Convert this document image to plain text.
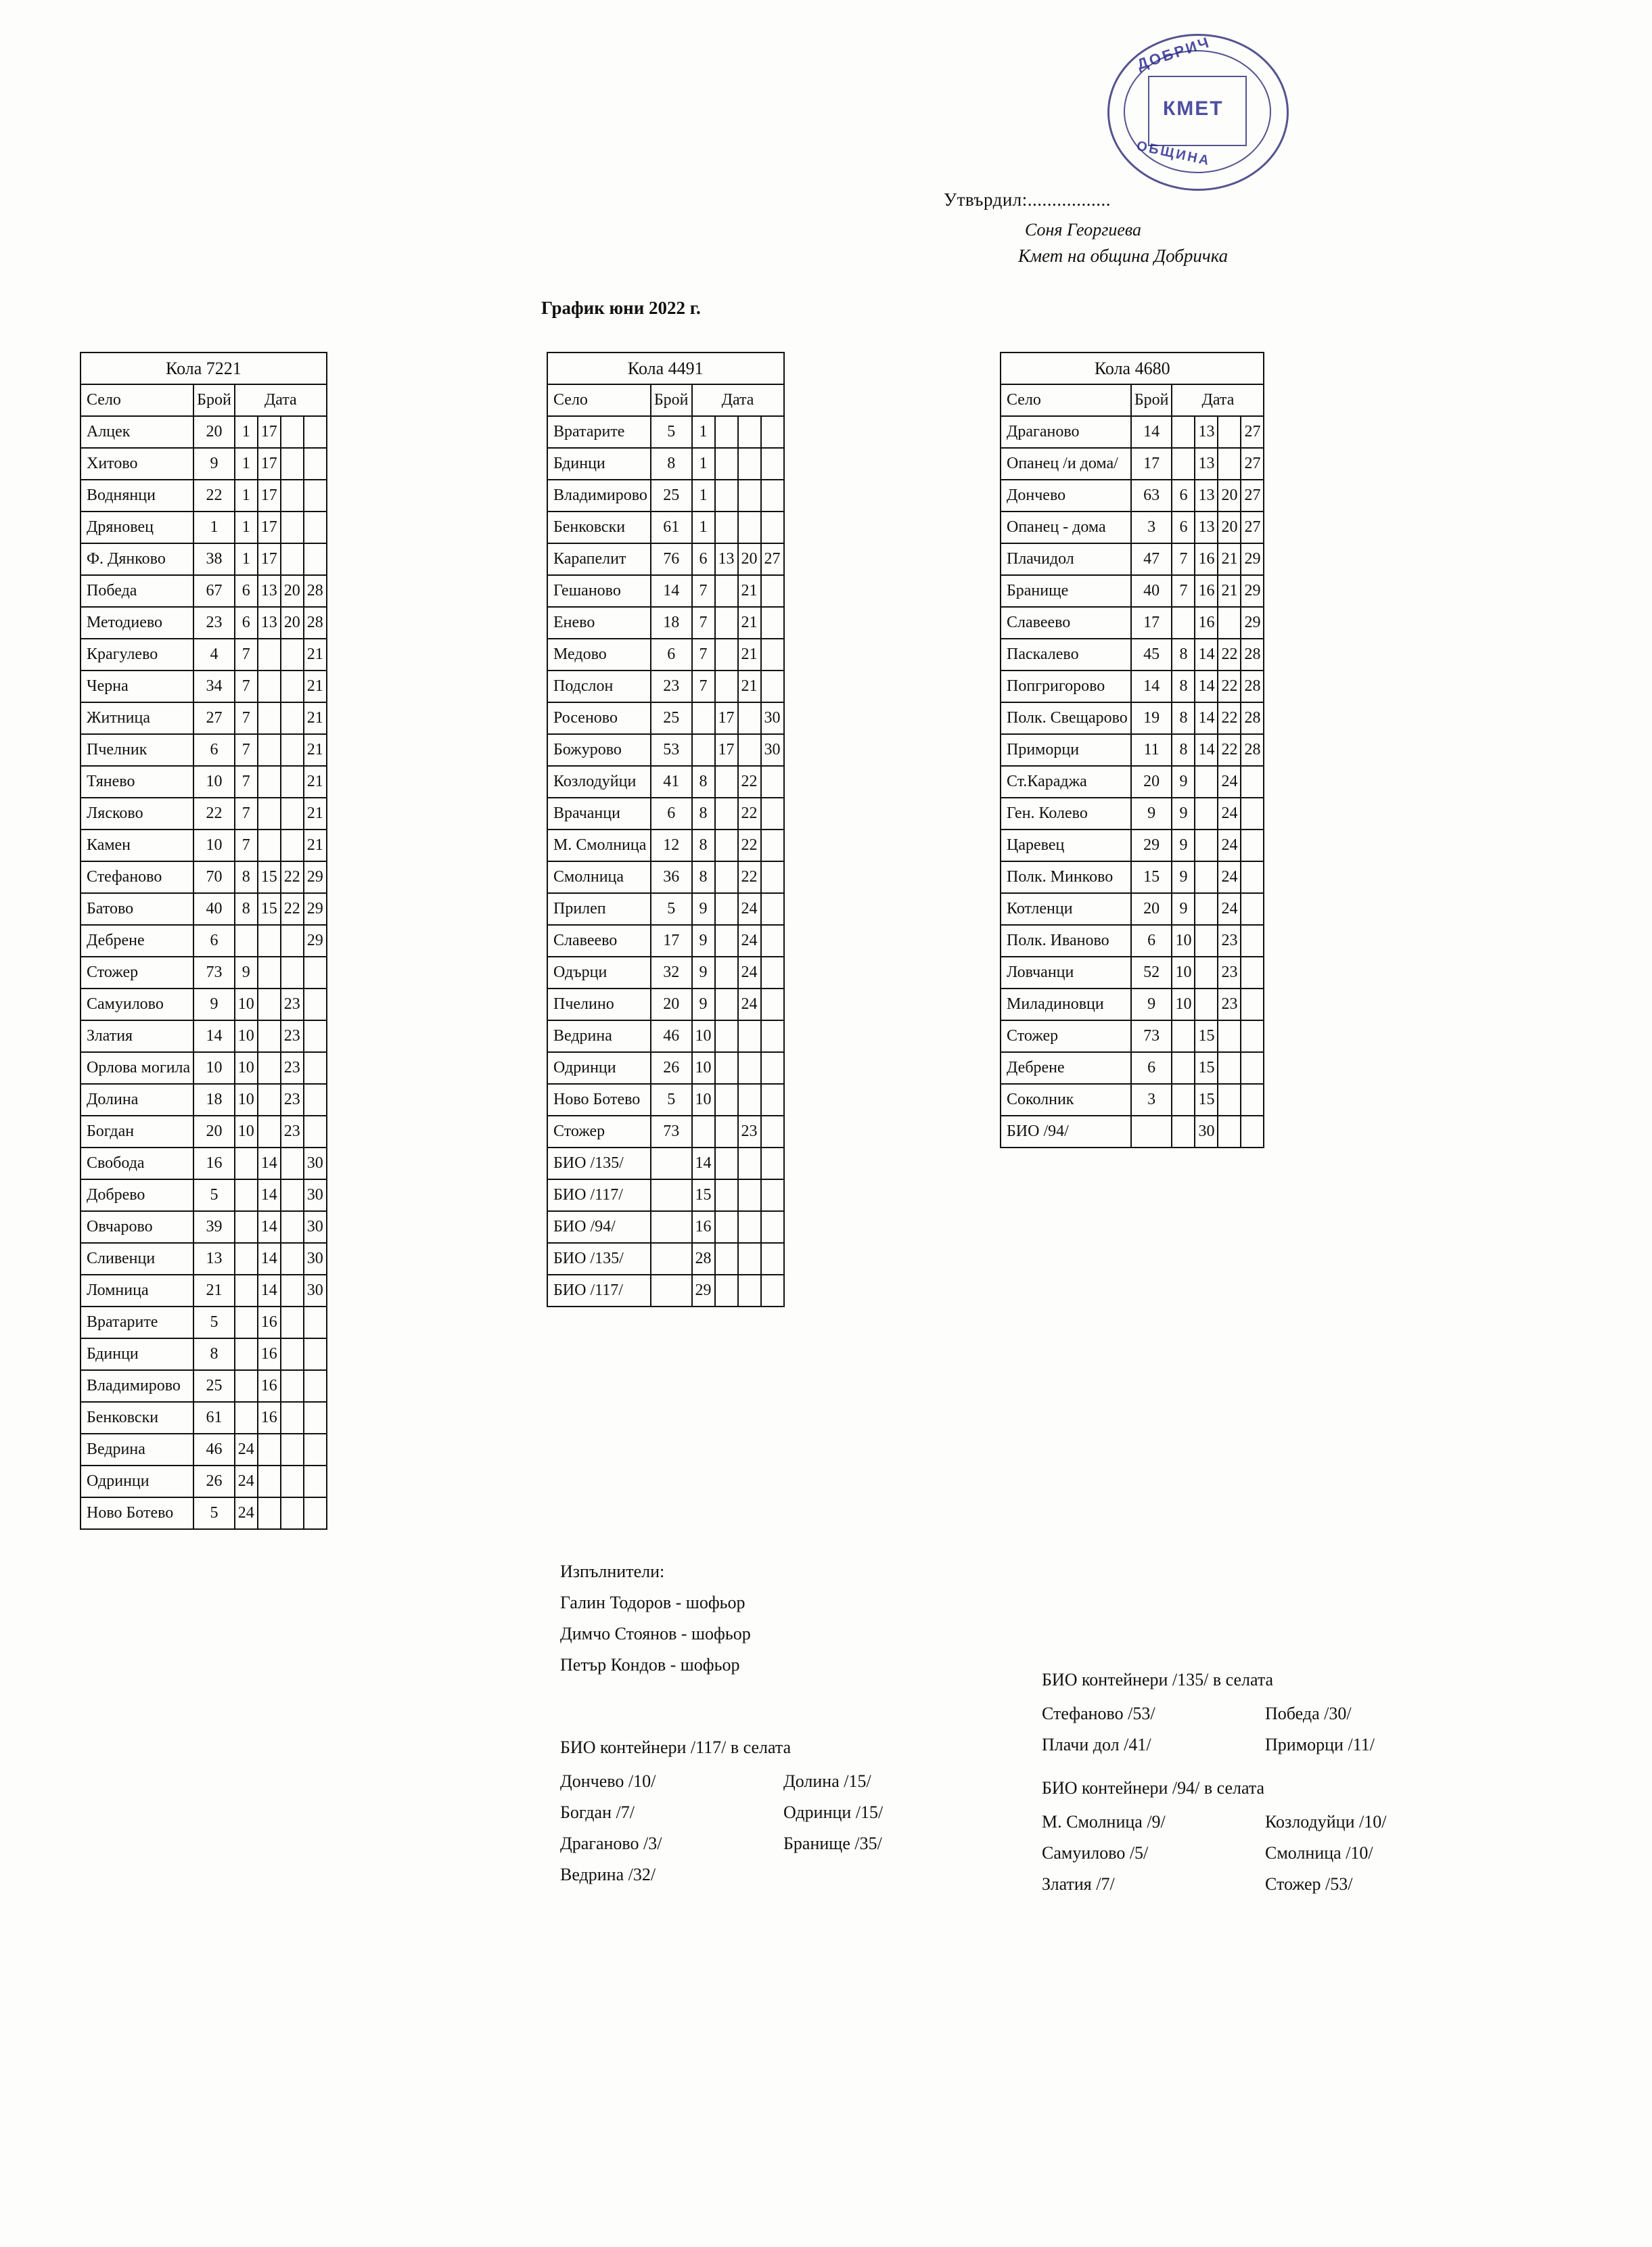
ДОБРИЧ
ОБЩИНА
КМЕТ
Утвърдил:.................
Соня Георгиева
Кмет на община Добричка
График юни 2022 г.
Кола 7221					
Село	Брой	Дата			
Алцек	20	1	17		
Хитово	9	1	17		
Воднянци	22	1	17		
Дряновец	1	1	17		
Ф. Дянково	38	1	17		
Победа	67	6	13	20	28
Методиево	23	6	13	20	28
Крагулево	4	7			21
Черна	34	7			21
Житница	27	7			21
Пчелник	6	7			21
Тянево	10	7			21
Лясково	22	7			21
Камен	10	7			21
Стефаново	70	8	15	22	29
Батово	40	8	15	22	29
Дебрене	6				29
Стожер	73	9			
Самуилово	9	10		23	
Златия	14	10		23	
Орлова могила	10	10		23	
Долина	18	10		23	
Богдан	20	10		23	
Свобода	16		14		30
Добрево	5		14		30
Овчарово	39		14		30
Сливенци	13		14		30
Ломница	21		14		30
Вратарите	5		16		
Бдинци	8		16		
Владимирово	25		16		
Бенковски	61		16		
Ведрина	46	24			
Одринци	26	24			
Ново Ботево	5	24			
Кола 4491					
Село	Брой	Дата			
Вратарите	5	1			
Бдинци	8	1			
Владимирово	25	1			
Бенковски	61	1			
Карапелит	76	6	13	20	27
Гешаново	14	7		21	
Енево	18	7		21	
Медово	6	7		21	
Подслон	23	7		21	
Росеново	25		17		30
Божурово	53		17		30
Козлодуйци	41	8		22	
Врачанци	6	8		22	
М. Смолница	12	8		22	
Смолница	36	8		22	
Прилеп	5	9		24	
Славеево	17	9		24	
Одърци	32	9		24	
Пчелино	20	9		24	
Ведрина	46	10			
Одринци	26	10			
Ново Ботево	5	10			
Стожер	73			23	
БИО /135/		14			
БИО /117/		15			
БИО /94/		16			
БИО /135/		28			
БИО /117/		29			
Кола 4680					
Село	Брой	Дата			
Драганово	14		13		27
Опанец /и дома/	17		13		27
Дончево	63	6	13	20	27
Опанец - дома	3	6	13	20	27
Плачидол	47	7	16	21	29
Бранище	40	7	16	21	29
Славеево	17		16		29
Паскалево	45	8	14	22	28
Попгригорово	14	8	14	22	28
Полк. Свещарово	19	8	14	22	28
Приморци	11	8	14	22	28
Ст.Караджа	20	9		24	
Ген. Колево	9	9		24	
Царевец	29	9		24	
Полк. Минково	15	9		24	
Котленци	20	9		24	
Полк. Иваново	6	10		23	
Ловчанци	52	10		23	
Миладиновци	9	10		23	
Стожер	73		15		
Дебрене	6		15		
Соколник	3		15		
БИО /94/			30		
Изпълнители:
Галин Тодоров - шофьор
Димчо Стоянов - шофьор
Петър Кондов - шофьор
БИО контейнери /117/ в селата
Дончево /10/	Долина /15/
Богдан /7/	Одринци /15/
Драганово /3/	Бранище /35/
Ведрина /32/
БИО контейнери /135/ в селата
Стефаново /53/	Победа /30/
Плачи дол /41/	Приморци /11/
БИО контейнери /94/ в селата
М. Смолница /9/	Козлодуйци /10/
Самуилово /5/	Смолница /10/
Златия /7/	Стожер /53/
